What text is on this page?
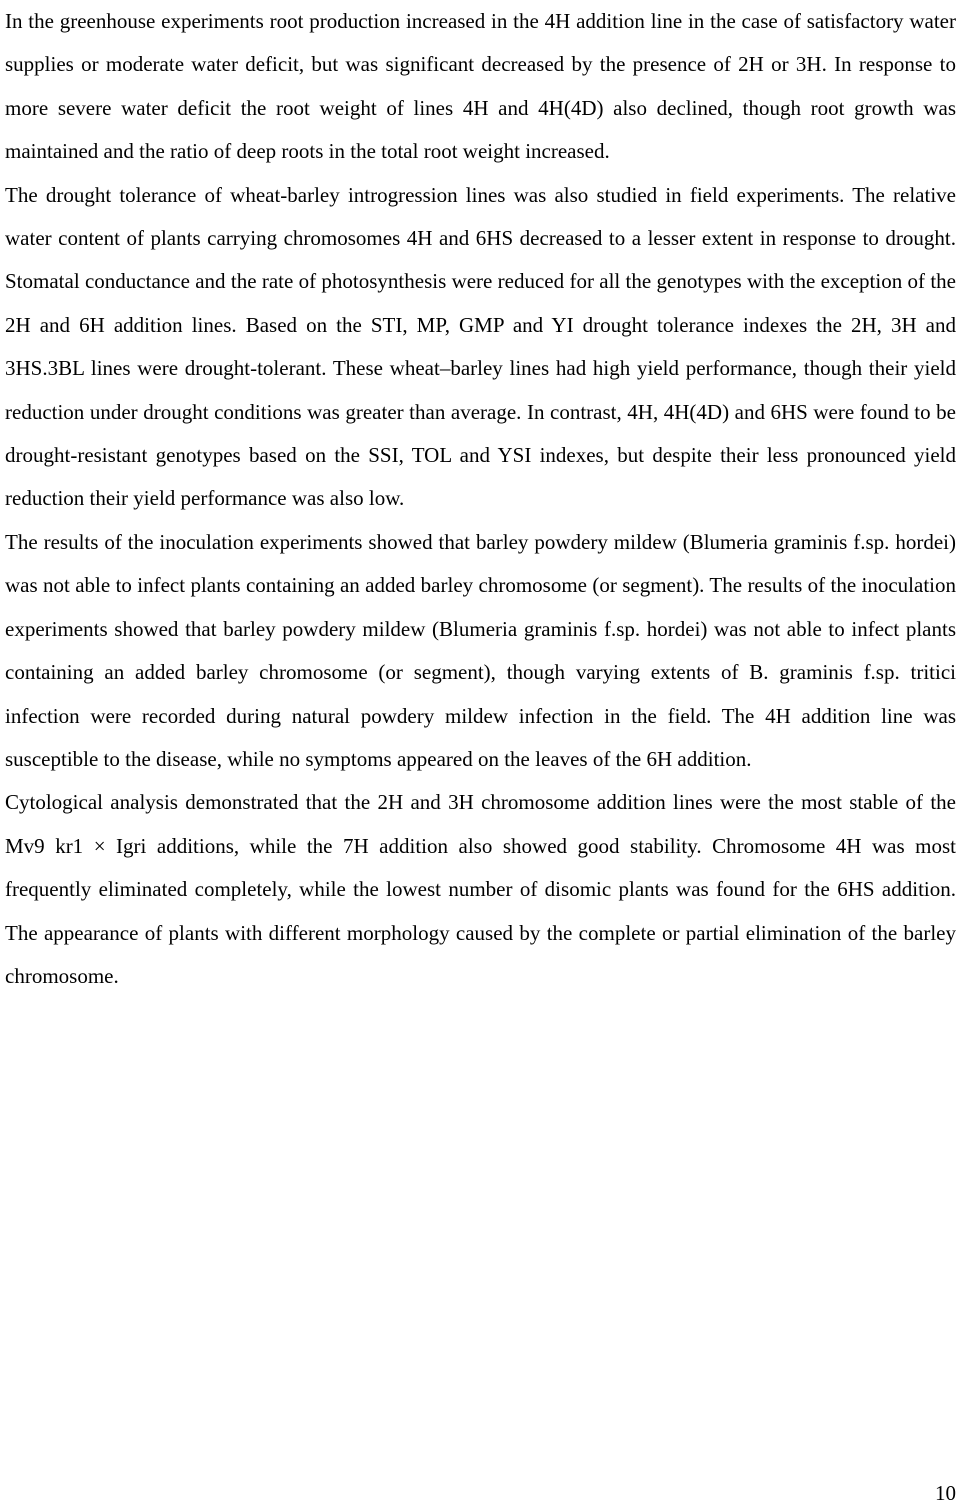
In the greenhouse experiments root production increased in the 4H addition line in the case of satisfactory water supplies or moderate water deficit, but was significant decreased by the presence of 2H or 3H. In response to more severe water deficit the root weight of lines 4H and 4H(4D) also declined, though root growth was maintained and the ratio of deep roots in the total root weight increased.

The drought tolerance of wheat-barley introgression lines was also studied in field experiments. The relative water content of plants carrying chromosomes 4H and 6HS decreased to a lesser extent in response to drought. Stomatal conductance and the rate of photosynthesis were reduced for all the genotypes with the exception of the 2H and 6H addition lines. Based on the STI, MP, GMP and YI drought tolerance indexes the 2H, 3H and 3HS.3BL lines were drought-tolerant. These wheat–barley lines had high yield performance, though their yield reduction under drought conditions was greater than average. In contrast, 4H, 4H(4D) and 6HS were found to be drought-resistant genotypes based on the SSI, TOL and YSI indexes, but despite their less pronounced yield reduction their yield performance was also low.

The results of the inoculation experiments showed that barley powdery mildew (Blumeria graminis f.sp. hordei) was not able to infect plants containing an added barley chromosome (or segment). The results of the inoculation experiments showed that barley powdery mildew (Blumeria graminis f.sp. hordei) was not able to infect plants containing an added barley chromosome (or segment), though varying extents of B. graminis f.sp. tritici infection were recorded during natural powdery mildew infection in the field. The 4H addition line was susceptible to the disease, while no symptoms appeared on the leaves of the 6H addition.

Cytological analysis demonstrated that the 2H and 3H chromosome addition lines were the most stable of the Mv9 kr1 × Igri additions, while the 7H addition also showed good stability. Chromosome 4H was most frequently eliminated completely, while the lowest number of disomic plants was found for the 6HS addition. The appearance of plants with different morphology caused by the complete or partial elimination of the barley chromosome.

10
